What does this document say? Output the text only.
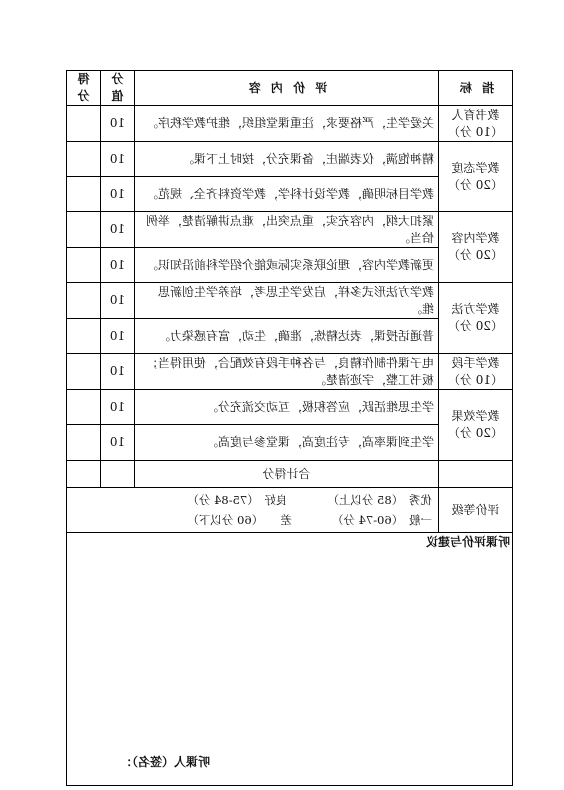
指 标	评 价 内 容	分值	得分
教书育人（10 分）	关爱学生，严格要求，注重课堂组织，维护教学秩序。	10	
教学态度（20 分）	精神饱满，仪表端庄，备课充分，按时上下课。	10	
	教学目标明确，教学设计科学，教学资料齐全、规范。	10	
教学内容（20 分）	紧扣大纲，内容充实，重点突出，难点讲解清楚，举例恰当。	10	
	更新教学内容，理论联系实际或能介绍学科前沿知识。	10	
教学方法（20 分）	教学方法形式多样，启发学生思考，培养学生创新思维。	10	
	普通话授课，表达精炼，准确，生动，富有感染力。	10	
教学手段（10 分）	电子课件制作精良，与各种手段有效配合，使用得当；板书工整，字迹清楚。	10	
教学效果（20 分）	学生思维活跃，应答积极，互动交流充分。	10	
	学生到课率高，专注度高，课堂参与度高。	10	
	合计得分		
评价等级	优秀　（85 分以上）良好　（75-84 分）
一般　（60-74 分）差　　（60 分以下）		

听课评价与建议
听课人（签名）：			
